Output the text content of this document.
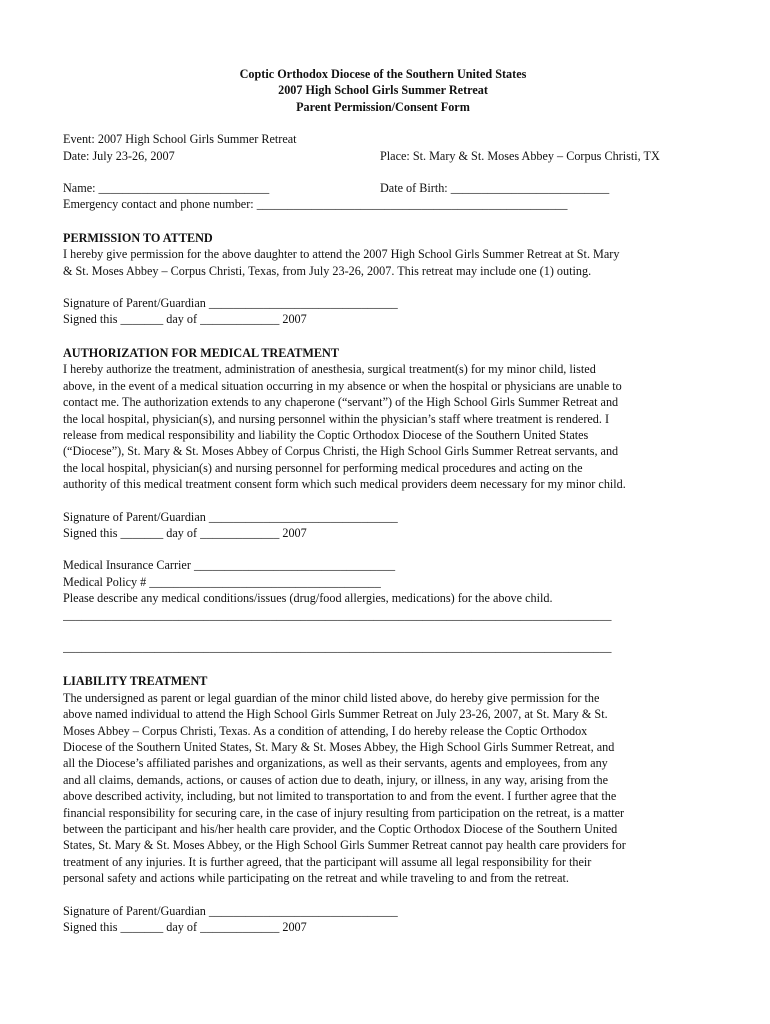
Coptic Orthodox Diocese of the Southern United States
2007 High School Girls Summer Retreat
Parent Permission/Consent Form
Event: 2007 High School Girls Summer Retreat
Date: July 23-26, 2007	Place: St. Mary & St. Moses Abbey – Corpus Christi, TX
Name: ____________________________	Date of Birth: __________________________
Emergency contact and phone number: ___________________________________________________
PERMISSION TO ATTEND
I hereby give permission for the above daughter to attend the 2007 High School Girls Summer Retreat at St. Mary
& St. Moses Abbey – Corpus Christi, Texas, from July 23-26, 2007. This retreat may include one (1) outing.
Signature of Parent/Guardian _______________________________
Signed this _______ day of _____________ 2007
AUTHORIZATION FOR MEDICAL TREATMENT
I hereby authorize the treatment, administration of anesthesia, surgical treatment(s) for my minor child, listed
above, in the event of a medical situation occurring in my absence or when the hospital or physicians are unable to
contact me. The authorization extends to any chaperone (“servant”) of the High School Girls Summer Retreat and
the local hospital, physician(s), and nursing personnel within the physician’s staff where treatment is rendered. I
release from medical responsibility and liability the Coptic Orthodox Diocese of the Southern United States
(“Diocese”), St. Mary & St. Moses Abbey of Corpus Christi, the High School Girls Summer Retreat servants, and
the local hospital, physician(s) and nursing personnel for performing medical procedures and acting on the
authority of this medical treatment consent form which such medical providers deem necessary for my minor child.
Signature of Parent/Guardian _______________________________
Signed this _______ day of _____________ 2007
Medical Insurance Carrier _________________________________
Medical Policy # ______________________________________
Please describe any medical conditions/issues (drug/food allergies, medications) for the above child.
__________________________________________________________________________________________
__________________________________________________________________________________________
LIABILITY TREATMENT
The undersigned as parent or legal guardian of the minor child listed above, do hereby give permission for the
above named individual to attend the High School Girls Summer Retreat on July 23-26, 2007, at St. Mary & St.
Moses Abbey – Corpus Christi, Texas. As a condition of attending, I do hereby release the Coptic Orthodox
Diocese of the Southern United States, St. Mary & St. Moses Abbey, the High School Girls Summer Retreat, and
all the Diocese’s affiliated parishes and organizations, as well as their servants, agents and employees, from any
and all claims, demands, actions, or causes of action due to death, injury, or illness, in any way, arising from the
above described activity, including, but not limited to transportation to and from the event. I further agree that the
financial responsibility for securing care, in the case of injury resulting from participation on the retreat, is a matter
between the participant and his/her health care provider, and the Coptic Orthodox Diocese of the Southern United
States, St. Mary & St. Moses Abbey, or the High School Girls Summer Retreat cannot pay health care providers for
treatment of any injuries. It is further agreed, that the participant will assume all legal responsibility for their
personal safety and actions while participating on the retreat and while traveling to and from the retreat.
Signature of Parent/Guardian _______________________________
Signed this _______ day of _____________ 2007
